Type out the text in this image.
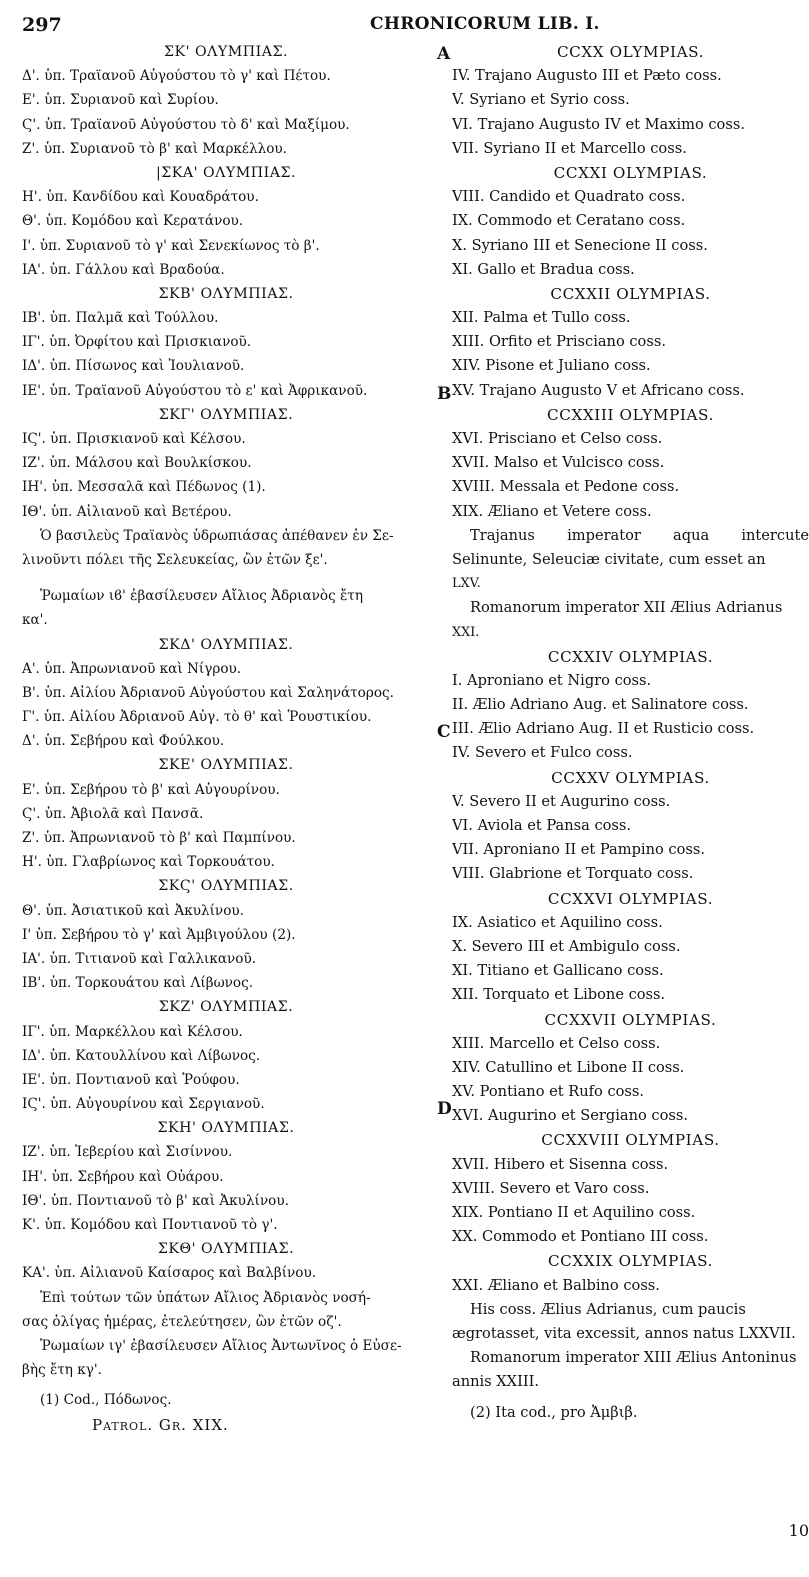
297	CHRONICORUM LIB. I.
ΣΚ' ΟΛΥΜΠΙΑΣ.
Δ'. ὑπ. Τραϊανοῦ Αὐγούστου τὸ γ' καὶ Πέτου.
Ε'. ὑπ. Συριανοῦ καὶ Συρίου.
Ϛ'. ὑπ. Τραϊανοῦ Αὐγούστου τὸ δ' καὶ Μαξίμου.
Ζ'. ὑπ. Συριανοῦ τὸ β' καὶ Μαρκέλλου.
|ΣΚΑ' ΟΛΥΜΠΙΑΣ.
Η'. ὑπ. Κανδίδου καὶ Κουαδράτου.
Θ'. ὑπ. Κομόδου καὶ Κερατάνου.
Ι'. ὑπ. Συριανοῦ τὸ γ' καὶ Σενεκίωνος τὸ β'.
ΙΑ'. ὑπ. Γάλλου καὶ Βραδούα.
ΣΚΒ' ΟΛΥΜΠΙΑΣ.
ΙΒ'. ὑπ. Παλμᾶ καὶ Τούλλου.
ΙΓ'. ὑπ. Ὀρφίτου καὶ Πρισκιανοῦ.
ΙΔ'. ὑπ. Πίσωνος καὶ Ἰουλιανοῦ.
ΙΕ'. ὑπ. Τραϊανοῦ Αὐγούστου τὸ ε' καὶ Ἀφρικανοῦ.
ΣΚΓ' ΟΛΥΜΠΙΑΣ.
ΙϚ'. ὑπ. Πρισκιανοῦ καὶ Κέλσου.
ΙΖ'. ὑπ. Μάλσου καὶ Βουλκίσκου.
ΙΗ'. ὑπ. Μεσσαλᾶ καὶ Πέδωνος (1).
ΙΘ'. ὑπ. Αἰλιανοῦ καὶ Βετέρου.
Ὁ βασιλεὺς Τραϊανὸς ὑδρωπιάσας ἀπέθανεν ἐν Σε-
λινοῦντι πόλει τῆς Σελευκείας, ὢν ἐτῶν ξε'.
Ῥωμαίων ιϐ' ἐβασίλευσεν Αἴλιος Ἀδριανὸς ἔτη
κα'.
ΣΚΔ' ΟΛΥΜΠΙΑΣ.
Α'. ὑπ. Ἀπρωνιανοῦ καὶ Νίγρου.
Β'. ὑπ. Αἰλίου Ἀδριανοῦ Αὐγούστου καὶ Σαληνάτορος.
Γ'. ὑπ. Αἰλίου Ἀδριανοῦ Αὐγ. τὸ θ' καὶ Ῥουστικίου.
Δ'. ὑπ. Σεβήρου καὶ Φούλκου.
ΣΚΕ' ΟΛΥΜΠΙΑΣ.
Ε'. ὑπ. Σεβήρου τὸ β' καὶ Αὐγουρίνου.
Ϛ'. ὑπ. Ἀβιολᾶ καὶ Πανσᾶ.
Ζ'. ὑπ. Ἀπρωνιανοῦ τὸ β' καὶ Παμπίνου.
Η'. ὑπ. Γλαβρίωνος καὶ Τορκουάτου.
ΣΚϚ' ΟΛΥΜΠΙΑΣ.
Θ'. ὑπ. Ἀσιατικοῦ καὶ Ἀκυλίνου.
Ι' ὑπ. Σεβήρου τὸ γ' καὶ Ἀμβιγούλου (2).
ΙΑ'. ὑπ. Τιτιανοῦ καὶ Γαλλικανοῦ.
ΙΒ'. ὑπ. Τορκουάτου καὶ Λίβωνος.
ΣΚΖ' ΟΛΥΜΠΙΑΣ.
ΙΓ'. ὑπ. Μαρκέλλου καὶ Κέλσου.
ΙΔ'. ὑπ. Κατουλλίνου καὶ Λίβωνος.
ΙΕ'. ὑπ. Ποντιανοῦ καὶ Ῥούφου.
ΙϚ'. ὑπ. Αὐγουρίνου καὶ Σεργιανοῦ.
ΣΚΗ' ΟΛΥΜΠΙΑΣ.
ΙΖ'. ὑπ. Ἰεβερίου καὶ Σισίννου.
ΙΗ'. ὑπ. Σεβήρου καὶ Οὐάρου.
ΙΘ'. ὑπ. Ποντιανοῦ τὸ β' καὶ Ἀκυλίνου.
Κ'. ὑπ. Κομόδου καὶ Ποντιανοῦ τὸ γ'.
ΣΚΘ' ΟΛΥΜΠΙΑΣ.
ΚΑ'. ὑπ. Αἰλιανοῦ Καίσαρος καὶ Βαλβίνου.
Ἐπὶ τούτων τῶν ὑπάτων Αἴλιος Ἀδριανὸς νοσή-
σας ὀλίγας ἡμέρας, ἐτελεύτησεν, ὢν ἐτῶν οζ'.
Ῥωμαίων ιγ' ἐβασίλευσεν Αἴλιος Ἀντωνῖνος ὁ Εὐσε-
βὴς ἔτη κγ'.
(1) Cod., Πόδωνος.
Patrol. Gr. XIX.
CCXX OLYMPIAS.
IV. Trajano Augusto III et Pæto coss.
V. Syriano et Syrio coss.
VI. Trajano Augusto IV et Maximo coss.
VII. Syriano II et Marcello coss.
CCXXI OLYMPIAS.
VIII. Candido et Quadrato coss.
IX. Commodo et Ceratano coss.
X. Syriano III et Senecione II coss.
XI. Gallo et Bradua coss.
CCXXII OLYMPIAS.
XII. Palma et Tullo coss.
XIII. Orfito et Prisciano coss.
XIV. Pisone et Juliano coss.
XV. Trajano Augusto V et Africano coss.
CCXXIII OLYMPIAS.
XVI. Prisciano et Celso coss.
XVII. Malso et Vulcisco coss.
XVIII. Messala et Pedone coss.
XIX. Æliano et Vetere coss.
Trajanus imperator aqua intercute
Selinunte, Seleuciæ civitate, cum esset an
LXV.
Romanorum imperator XII Ælius Adrianus
XXI.
CCXXIV OLYMPIAS.
I. Aproniano et Nigro coss.
II. Ælio Adriano Aug. et Salinatore coss.
III. Ælio Adriano Aug. II et Rusticio coss.
IV. Severo et Fulco coss.
CCXXV OLYMPIAS.
V. Severo II et Augurino coss.
VI. Aviola et Pansa coss.
VII. Aproniano II et Pampino coss.
VIII. Glabrione et Torquato coss.
CCXXVI OLYMPIAS.
IX. Asiatico et Aquilino coss.
X. Severo III et Ambigulo coss.
XI. Titiano et Gallicano coss.
XII. Torquato et Libone coss.
CCXXVII OLYMPIAS.
XIII. Marcello et Celso coss.
XIV. Catullino et Libone II coss.
XV. Pontiano et Rufo coss.
XVI. Augurino et Sergiano coss.
CCXXVIII OLYMPIAS.
XVII. Hibero et Sisenna coss.
XVIII. Severo et Varo coss.
XIX. Pontiano II et Aquilino coss.
XX. Commodo et Pontiano III coss.
CCXXIX OLYMPIAS.
XXI. Æliano et Balbino coss.
His coss. Ælius Adrianus, cum paucis
ægrotasset, vita excessit, annos natus LXXVII.
Romanorum imperator XIII Ælius Antoninus
annis XXIII.
(2) Ita cod., pro Ἀμβιβ.
A
B
C
D
10
